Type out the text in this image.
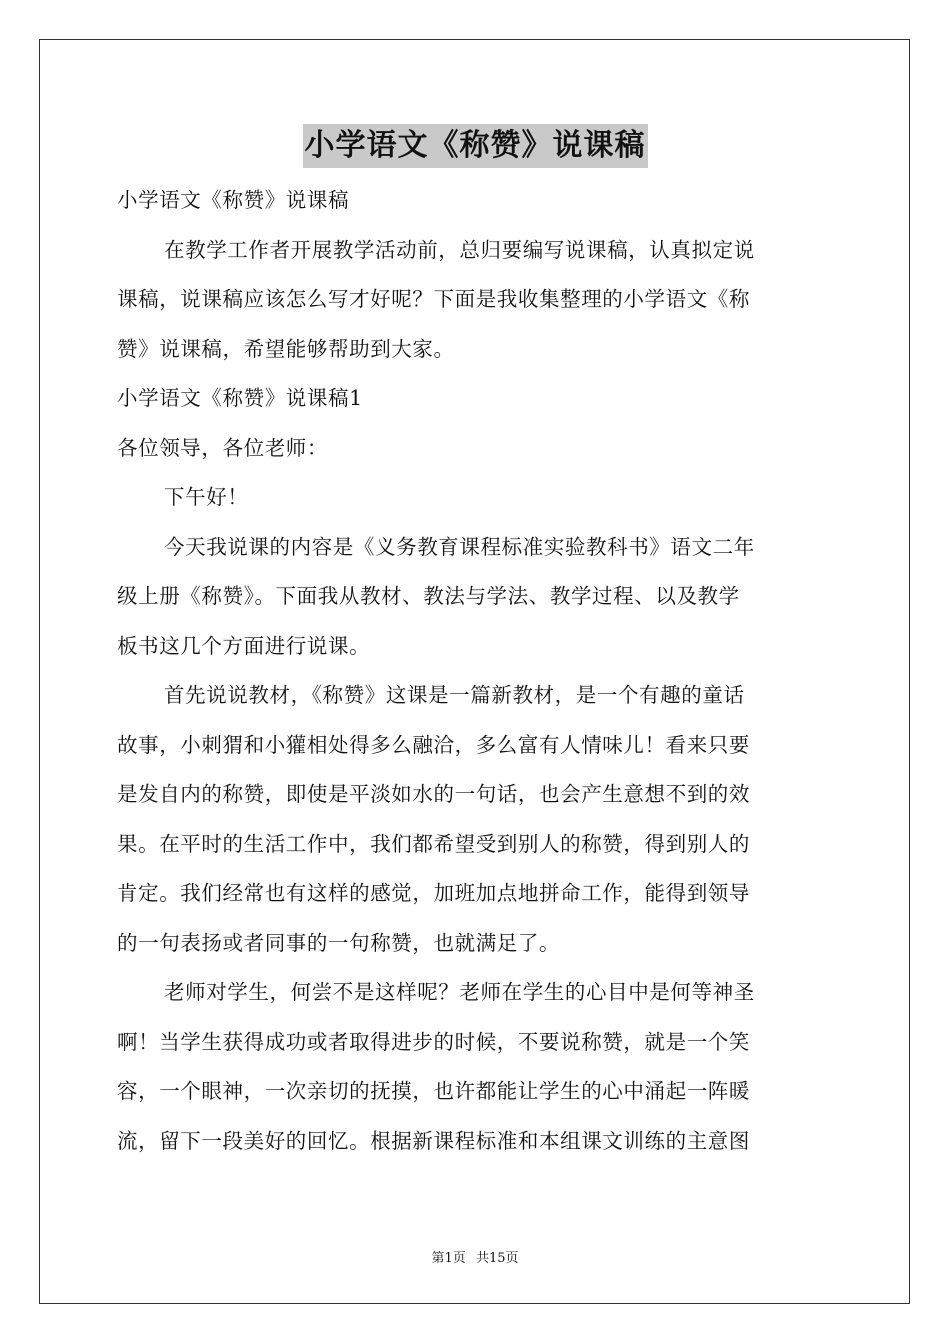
小学语文《称赞》说课稿
小学语文《称赞》说课稿
在教学工作者开展教学活动前，总归要编写说课稿，认真拟定说
课稿，说课稿应该怎么写才好呢？下面是我收集整理的小学语文《称
赞》说课稿，希望能够帮助到大家。
小学语文《称赞》说课稿1
各位领导，各位老师：
下午好！
今天我说课的内容是《义务教育课程标准实验教科书》语文二年
级上册《称赞》。下面我从教材、教法与学法、教学过程、以及教学
板书这几个方面进行说课。
首先说说教材，《称赞》这课是一篇新教材，是一个有趣的童话
故事，小刺猬和小獾相处得多么融洽，多么富有人情味儿！看来只要
是发自内的称赞，即使是平淡如水的一句话，也会产生意想不到的效
果。在平时的生活工作中，我们都希望受到别人的称赞，得到别人的
肯定。我们经常也有这样的感觉，加班加点地拼命工作，能得到领导
的一句表扬或者同事的一句称赞，也就满足了。
老师对学生，何尝不是这样呢？老师在学生的心目中是何等神圣
啊！当学生获得成功或者取得进步的时候，不要说称赞，就是一个笑
容，一个眼神，一次亲切的抚摸，也许都能让学生的心中涌起一阵暖
流，留下一段美好的回忆。根据新课程标准和本组课文训练的主意图
第1页 共15页
